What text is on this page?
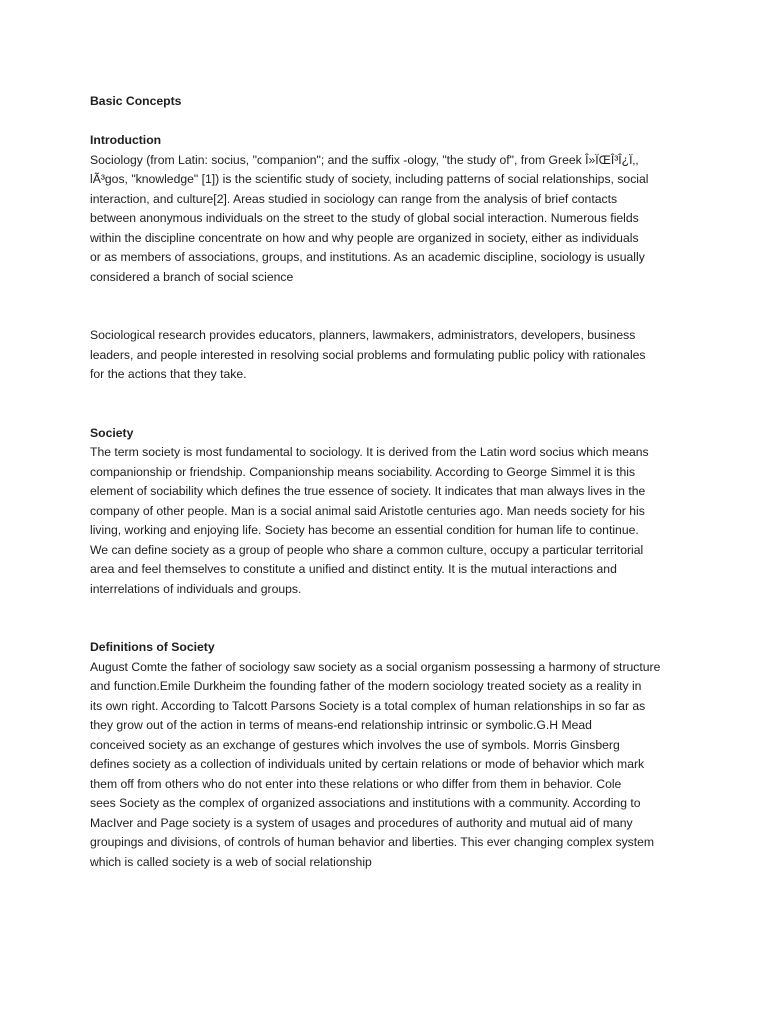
Basic Concepts
Introduction
Sociology (from Latin: socius, "companion"; and the suffix -ology, "the study of", from Greek Î»ÏŒÎ³Î¿Ï‚,
lÃ³gos, "knowledge" [1]) is the scientific study of society, including patterns of social relationships, social
interaction, and culture[2]. Areas studied in sociology can range from the analysis of brief contacts
between anonymous individuals on the street to the study of global social interaction. Numerous fields
within the discipline concentrate on how and why people are organized in society, either as individuals
or as members of associations, groups, and institutions. As an academic discipline, sociology is usually
considered a branch of social science
Sociological research provides educators, planners, lawmakers, administrators, developers, business
leaders, and people interested in resolving social problems and formulating public policy with rationales
for the actions that they take.
Society
The term society is most fundamental to sociology. It is derived from the Latin word socius which means
companionship or friendship. Companionship means sociability. According to George Simmel it is this
element of sociability which defines the true essence of society. It indicates that man always lives in the
company of other people. Man is a social animal said Aristotle centuries ago. Man needs society for his
living, working and enjoying life. Society has become an essential condition for human life to continue.
We can define society as a group of people who share a common culture, occupy a particular territorial
area and feel themselves to constitute a unified and distinct entity. It is the mutual interactions and
interrelations of individuals and groups.
Definitions of Society
August Comte the father of sociology saw society as a social organism possessing a harmony of structure
and function.Emile Durkheim the founding father of the modern sociology treated society as a reality in
its own right. According to Talcott Parsons Society is a total complex of human relationships in so far as
they grow out of the action in terms of means-end relationship intrinsic or symbolic.G.H Mead
conceived society as an exchange of gestures which involves the use of symbols. Morris Ginsberg
defines society as a collection of individuals united by certain relations or mode of behavior which mark
them off from others who do not enter into these relations or who differ from them in behavior. Cole
sees Society as the complex of organized associations and institutions with a community. According to
MacIver and Page society is a system of usages and procedures of authority and mutual aid of many
groupings and divisions, of controls of human behavior and liberties. This ever changing complex system
which is called society is a web of social relationship
